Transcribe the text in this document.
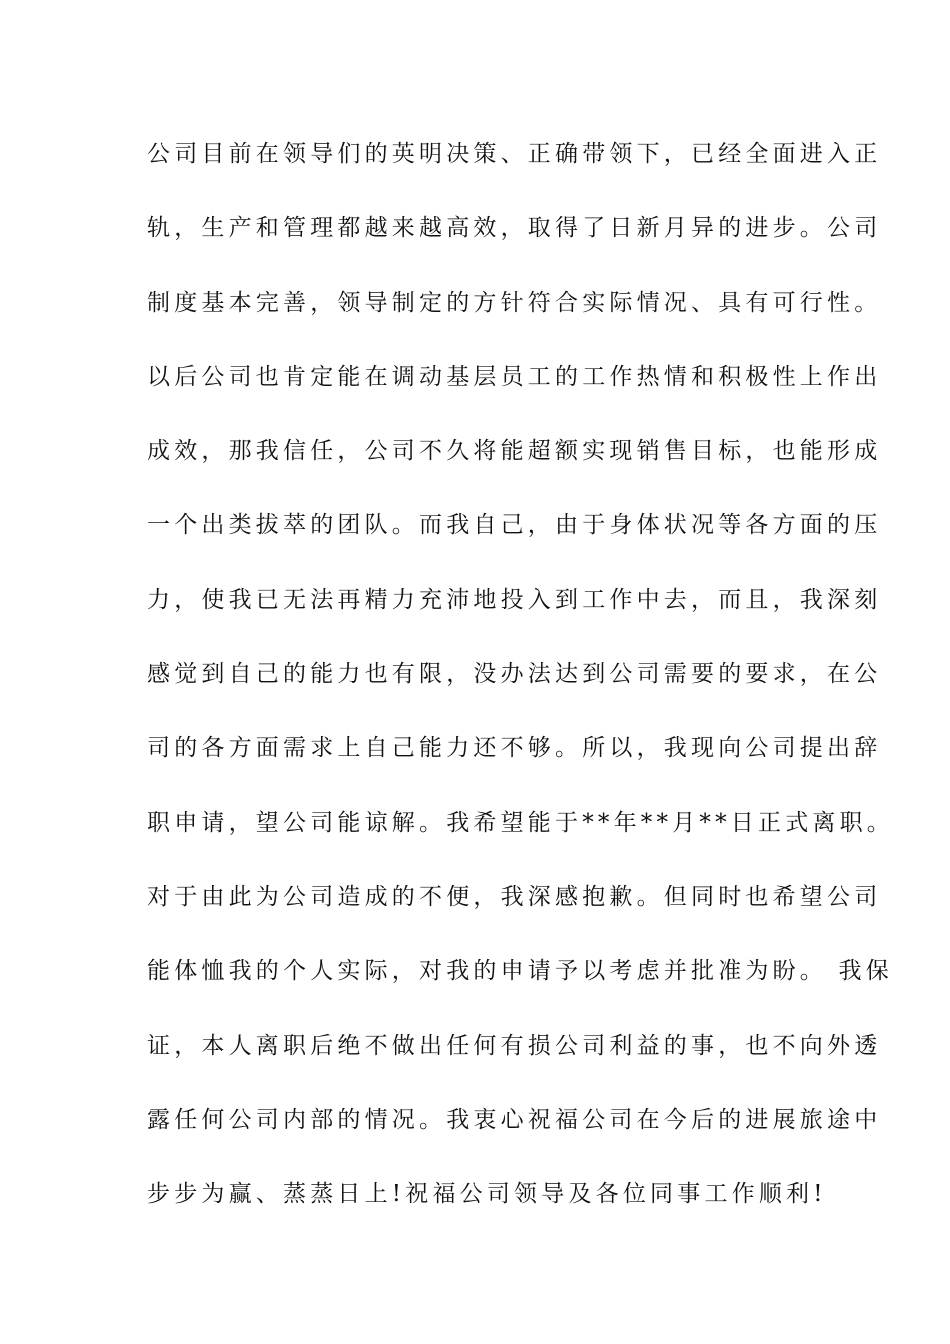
公司目前在领导们的英明决策、正确带领下，已经全面进入正
轨，生产和管理都越来越高效，取得了日新月异的进步。公司
制度基本完善，领导制定的方针符合实际情况、具有可行性。
以后公司也肯定能在调动基层员工的工作热情和积极性上作出
成效，那我信任，公司不久将能超额实现销售目标，也能形成
一个出类拔萃的团队。而我自己，由于身体状况等各方面的压
力，使我已无法再精力充沛地投入到工作中去，而且，我深刻
感觉到自己的能力也有限，没办法达到公司需要的要求，在公
司的各方面需求上自己能力还不够。所以，我现向公司提出辞
职申请，望公司能谅解。我希望能于**年**月**日正式离职。
对于由此为公司造成的不便，我深感抱歉。但同时也希望公司
能体恤我的个人实际，对我的申请予以考虑并批准为盼。 我保
证，本人离职后绝不做出任何有损公司利益的事，也不向外透
露任何公司内部的情况。我衷心祝福公司在今后的进展旅途中
步步为赢、蒸蒸日上!祝福公司领导及各位同事工作顺利!
